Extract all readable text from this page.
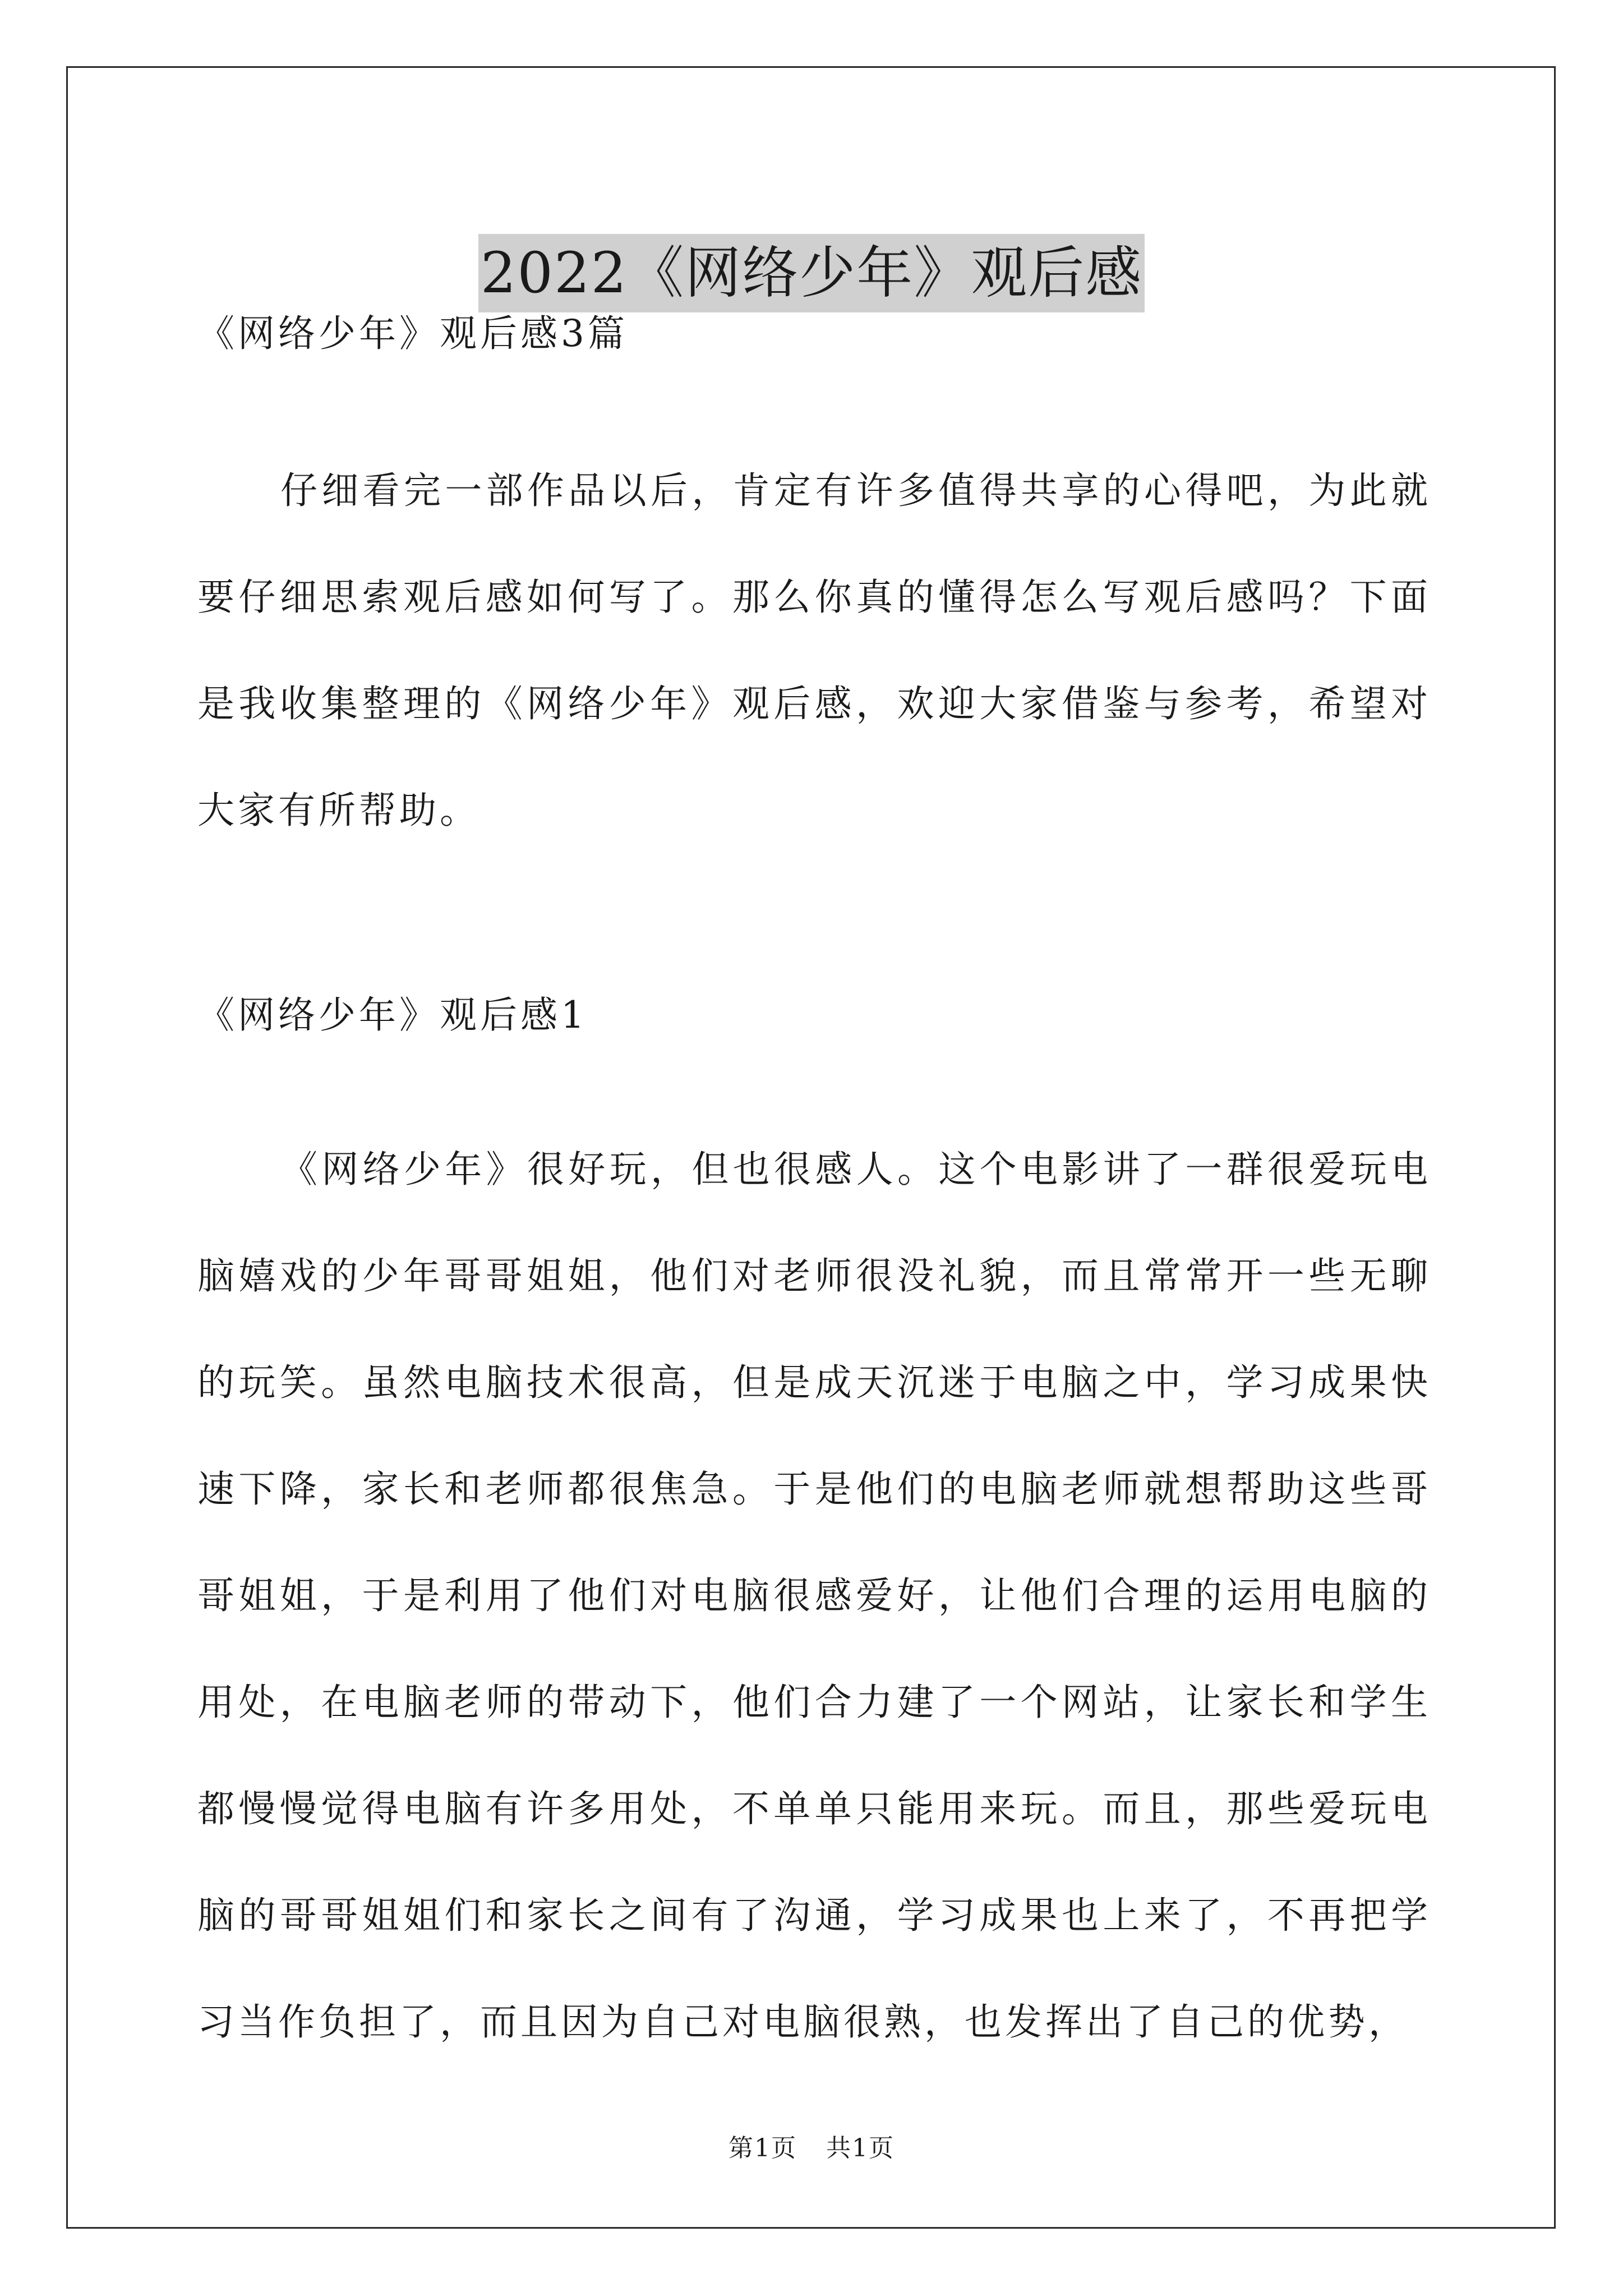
2022《网络少年》观后感
《网络少年》观后感3篇

仔细看完一部作品以后，肯定有许多值得共享的心得吧，为此就要仔细思索观后感如何写了。那么你真的懂得怎么写观后感吗？下面是我收集整理的《网络少年》观后感，欢迎大家借鉴与参考，希望对大家有所帮助。

《网络少年》观后感1

《网络少年》很好玩，但也很感人。这个电影讲了一群很爱玩电脑嬉戏的少年哥哥姐姐，他们对老师很没礼貌，而且常常开一些无聊的玩笑。虽然电脑技术很高，但是成天沉迷于电脑之中，学习成果快速下降，家长和老师都很焦急。于是他们的电脑老师就想帮助这些哥哥姐姐，于是利用了他们对电脑很感爱好，让他们合理的运用电脑的用处，在电脑老师的带动下，他们合力建了一个网站，让家长和学生都慢慢觉得电脑有许多用处，不单单只能用来玩。而且，那些爱玩电脑的哥哥姐姐们和家长之间有了沟通，学习成果也上来了，不再把学习当作负担了，而且因为自己对电脑很熟，也发挥出了自己的优势，

第1页 共1页
